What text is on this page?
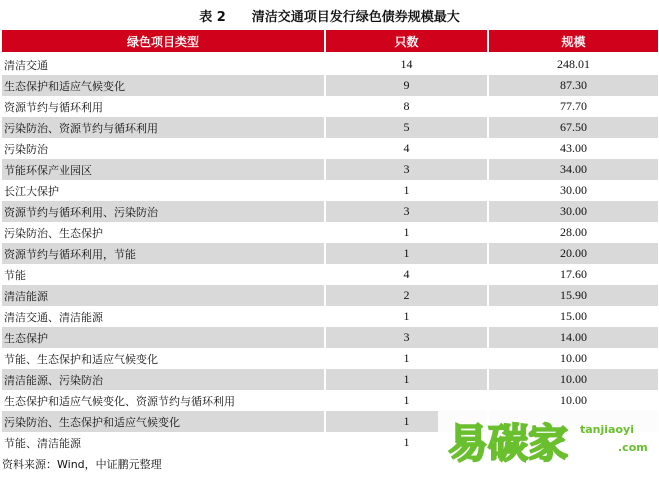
表 2 清洁交通项目发行绿色债券规模最大
绿色项目类型	只数	规模
清洁交通	14	248.01
生态保护和适应气候变化	9	87.30
资源节约与循环利用	8	77.70
污染防治、资源节约与循环利用	5	67.50
污染防治	4	43.00
节能环保产业园区	3	34.00
长江大保护	1	30.00
资源节约与循环利用、污染防治	3	30.00
污染防治、生态保护	1	28.00
资源节约与循环利用，节能	1	20.00
节能	4	17.60
清洁能源	2	15.90
清洁交通、清洁能源	1	15.00
生态保护	3	14.00
节能、生态保护和适应气候变化	1	10.00
清洁能源、污染防治	1	10.00
生态保护和适应气候变化、资源节约与循环利用	1	10.00
污染防治、生态保护和适应气候变化	1	
节能、清洁能源	1	
资料来源：Wind，中证鹏元整理	易碳家 tanjiaoyi
.com
